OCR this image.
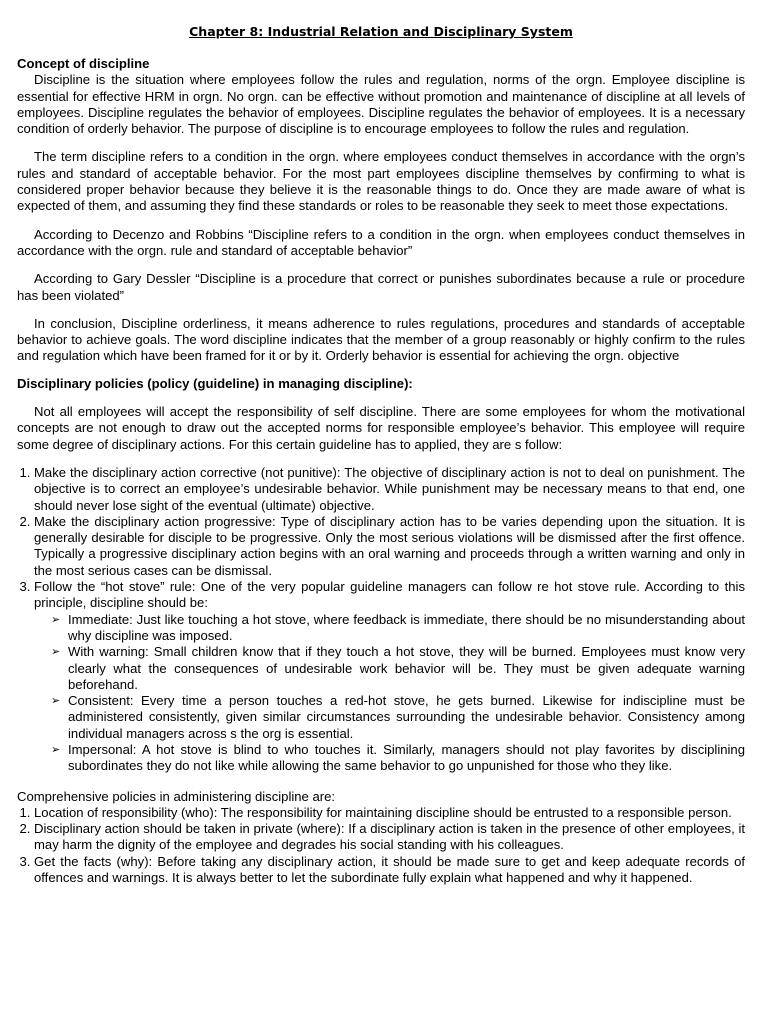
Chapter 8: Industrial Relation and Disciplinary System
Concept of discipline

Discipline is the situation where employees follow the rules and regulation, norms of the orgn. Employee discipline is essential for effective HRM in orgn. No orgn. can be effective without promotion and maintenance of discipline at all levels of employees. Discipline regulates the behavior of employees. Discipline regulates the behavior of employees. It is a necessary condition of orderly behavior. The purpose of discipline is to encourage employees to follow the rules and regulation.

The term discipline refers to a condition in the orgn. where employees conduct themselves in accordance with the orgn’s rules and standard of acceptable behavior. For the most part employees discipline themselves by confirming to what is considered proper behavior because they believe it is the reasonable things to do. Once they are made aware of what is expected of them, and assuming they find these standards or roles to be reasonable they seek to meet those expectations.

According to Decenzo and Robbins “Discipline refers to a condition in the orgn. when employees conduct themselves in accordance with the orgn. rule and standard of acceptable behavior”

According to Gary Dessler “Discipline is a procedure that correct or punishes subordinates because a rule or procedure has been violated”

In conclusion, Discipline orderliness, it means adherence to rules regulations, procedures and standards of acceptable behavior to achieve goals. The word discipline indicates that the member of a group reasonably or highly confirm to the rules and regulation which have been framed for it or by it. Orderly behavior is essential for achieving the orgn. objective

Disciplinary policies (policy (guideline) in managing discipline):

Not all employees will accept the responsibility of self discipline. There are some employees for whom the motivational concepts are not enough to draw out the accepted norms for responsible employee’s behavior. This employee will require some degree of disciplinary actions. For this certain guideline has to applied, they are s follow:

1. Make the disciplinary action corrective (not punitive): The objective of disciplinary action is not to deal on punishment. The objective is to correct an employee’s undesirable behavior. While punishment may be necessary means to that end, one should never lose sight of the eventual (ultimate) objective.
2. Make the disciplinary action progressive: Type of disciplinary action has to be varies depending upon the situation. It is generally desirable for disciple to be progressive. Only the most serious violations will be dismissed after the first offence. Typically a progressive disciplinary action begins with an oral warning and proceeds through a written warning and only in the most serious cases can be dismissal.
3. Follow the “hot stove” rule: One of the very popular guideline managers can follow re hot stove rule. According to this principle, discipline should be:
➢ Immediate: Just like touching a hot stove, where feedback is immediate, there should be no misunderstanding about why discipline was imposed.
➢ With warning: Small children know that if they touch a hot stove, they will be burned. Employees must know very clearly what the consequences of undesirable work behavior will be. They must be given adequate warning beforehand.
➢ Consistent: Every time a person touches a red-hot stove, he gets burned. Likewise for indiscipline must be administered consistently, given similar circumstances surrounding the undesirable behavior. Consistency among individual managers across s the org is essential.
➢ Impersonal: A hot stove is blind to who touches it. Similarly, managers should not play favorites by disciplining subordinates they do not like while allowing the same behavior to go unpunished for those who they like.

Comprehensive policies in administering discipline are:

1. Location of responsibility (who): The responsibility for maintaining discipline should be entrusted to a responsible person.
2. Disciplinary action should be taken in private (where): If a disciplinary action is taken in the presence of other employees, it may harm the dignity of the employee and degrades his social standing with his colleagues.
3. Get the facts (why): Before taking any disciplinary action, it should be made sure to get and keep adequate records of offences and warnings. It is always better to let the subordinate fully explain what happened and why it happened.
